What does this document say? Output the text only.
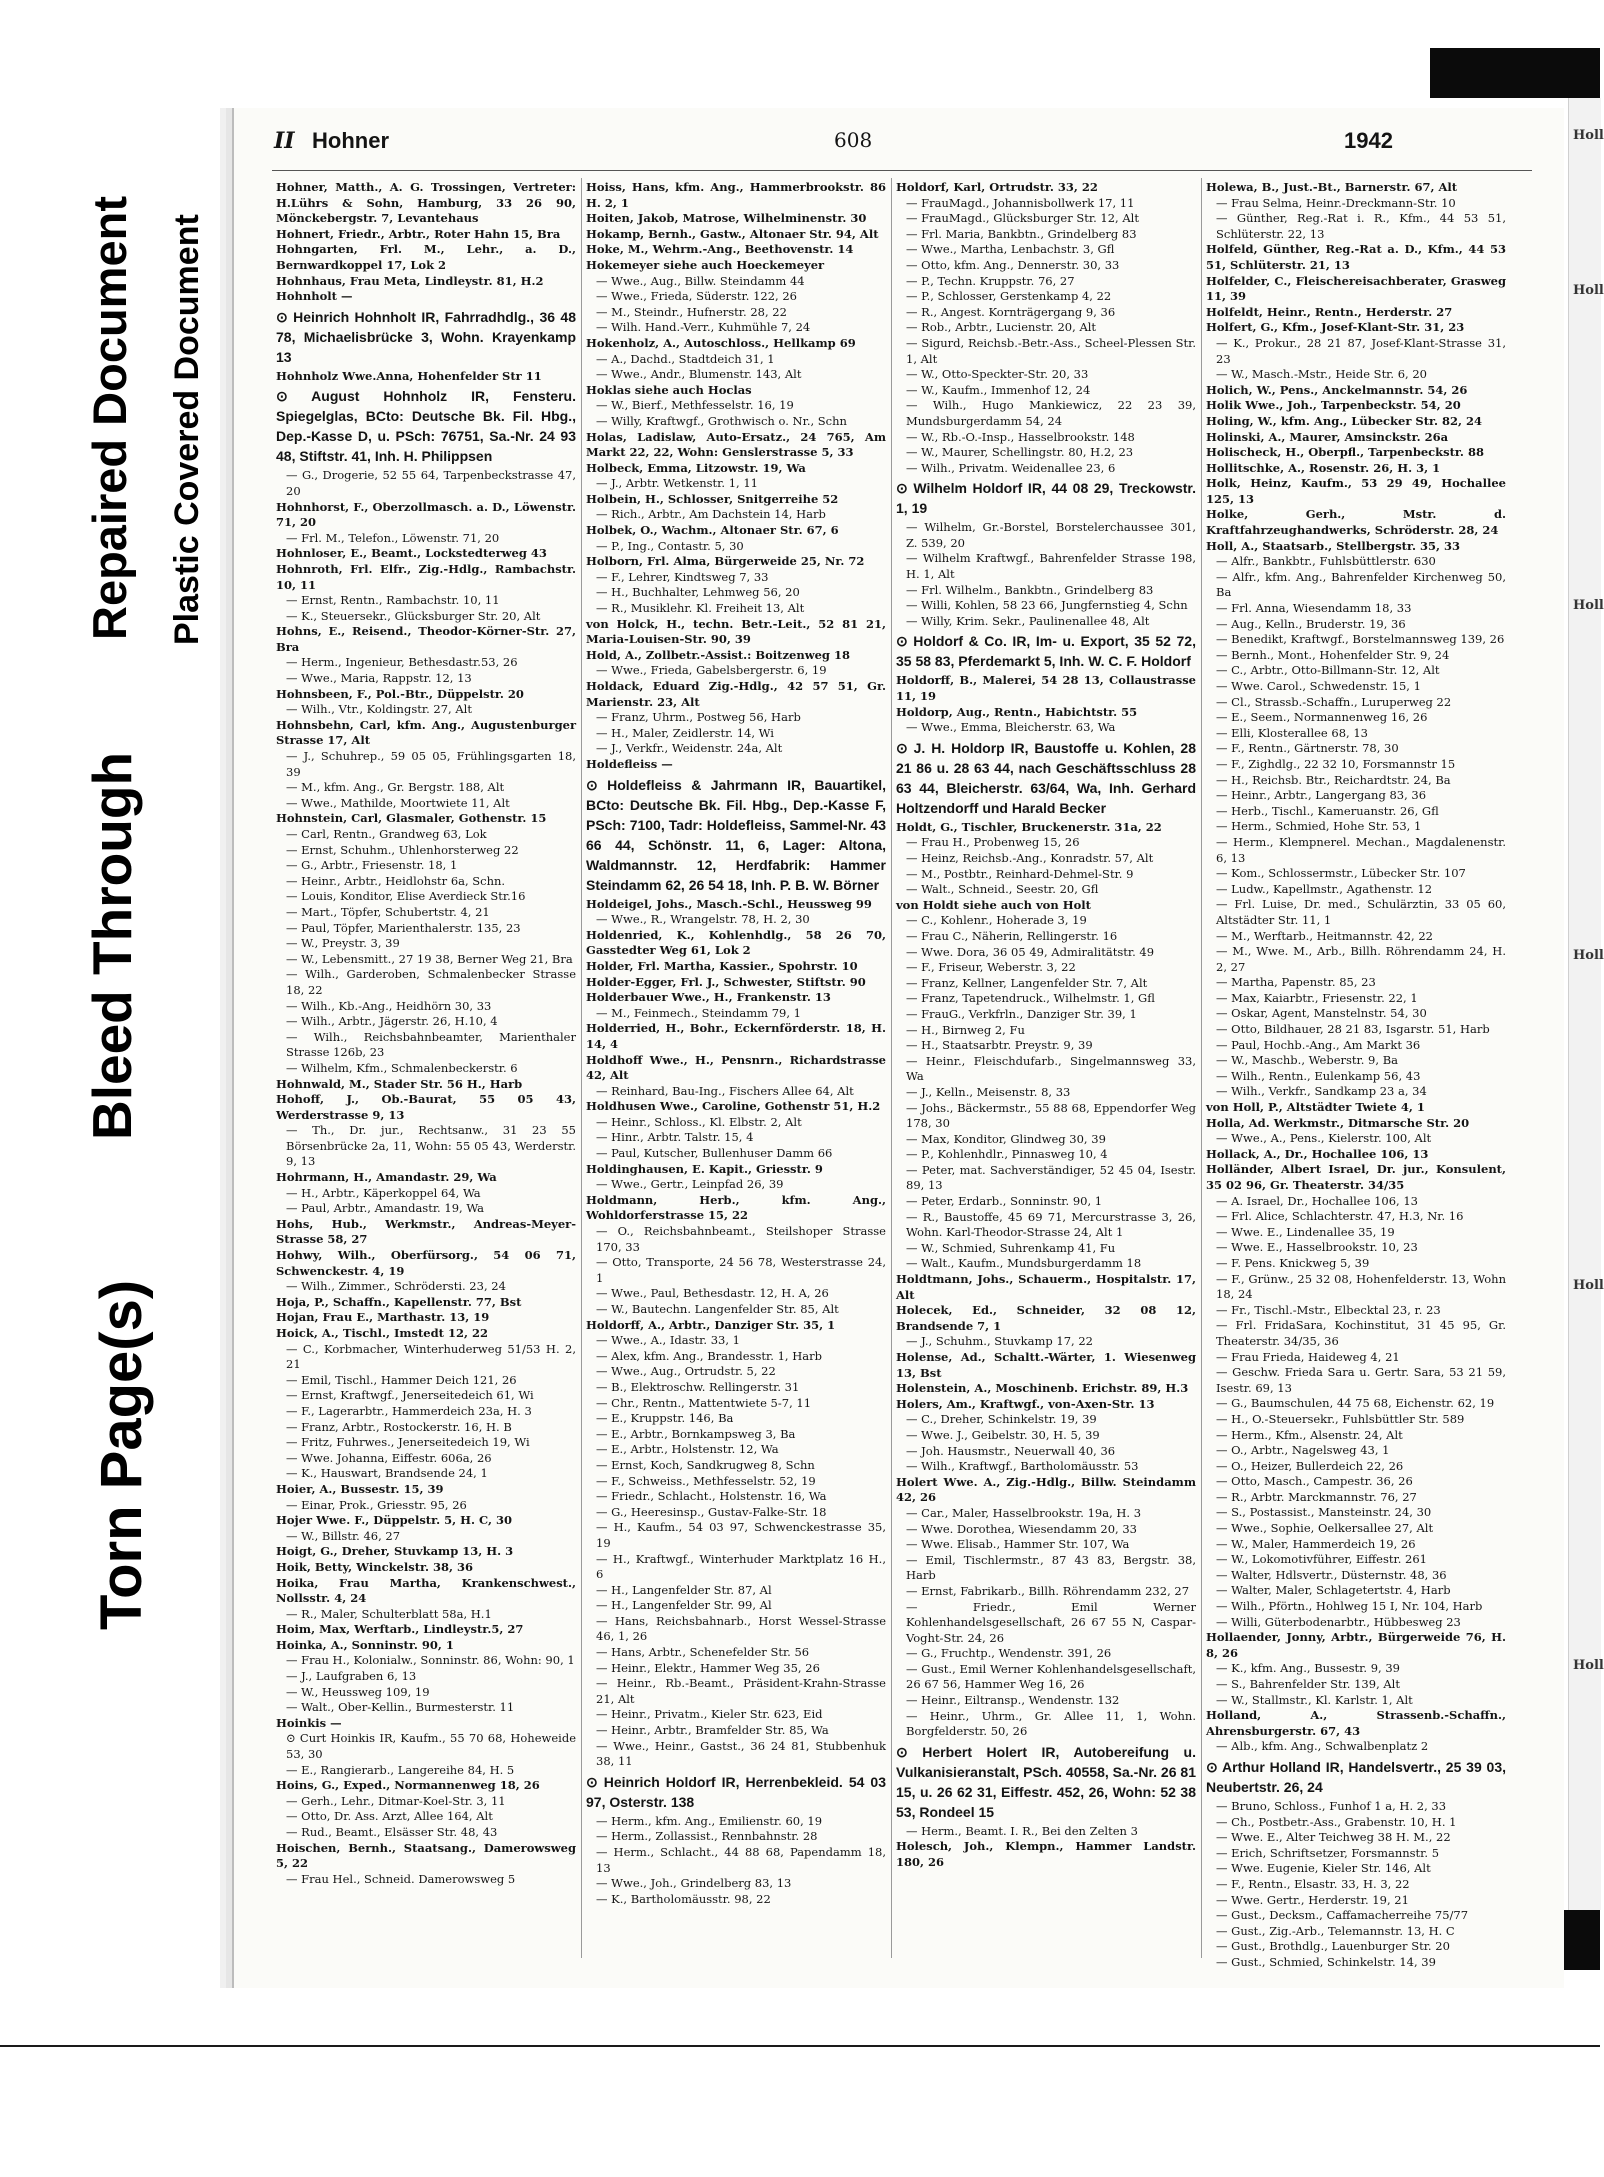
Torn Page(s)
Bleed Through
Repaired Document Plastic Covered Document
II Hohner	608	1942

Hohner, Matth., A. G. Trossingen, Vertreter: H.Lührs & Sohn, Hamburg, 33 26 90, Mönckebergstr. 7, Levantehaus

Hohnert, Friedr., Arbtr., Roter Hahn 15, Bra

Hohngarten, Frl. M., Lehr., a. D., Bernwardkoppel 17, Lok 2

Hohnhaus, Frau Meta, Lindleystr. 81, H.2

Hohnholt —

⊙ Heinrich Hohnholt IR, Fahrradhdlg., 36 48 78, Michaelisbrücke 3, Wohn. Krayenkamp 13

Hohnholz Wwe.Anna, Hohenfelder Str 11

⊙ August Hohnholz IR, Fensteru. Spiegelglas, BCto: Deutsche Bk. Fil. Hbg., Dep.-Kasse D, u. PSch: 76751, Sa.-Nr. 24 93 48, Stiftstr. 41, Inh. H. Philippsen

— G., Drogerie, 52 55 64, Tarpenbeckstrasse 47, 20

Hohnhorst, F., Oberzollmasch. a. D., Löwenstr. 71, 20

— Frl. M., Telefon., Löwenstr. 71, 20

Hohnloser, E., Beamt., Lockstedterweg 43

Hohnroth, Frl. Elfr., Zig.-Hdlg., Rambachstr. 10, 11

— Ernst, Rentn., Rambachstr. 10, 11

— K., Steuersekr., Glücksburger Str. 20, Alt

Hohns, E., Reisend., Theodor-Körner-Str. 27, Bra

— Herm., Ingenieur, Bethesdastr.53, 26

— Wwe., Maria, Rappstr. 12, 13

Hohnsbeen, F., Pol.-Btr., Düppelstr. 20

— Wilh., Vtr., Koldingstr. 27, Alt

Hohnsbehn, Carl, kfm. Ang., Augustenburger Strasse 17, Alt

— J., Schuhrep., 59 05 05, Frühlingsgarten 18, 39

— M., kfm. Ang., Gr. Bergstr. 188, Alt

— Wwe., Mathilde, Moortwiete 11, Alt

Hohnstein, Carl, Glasmaler, Gothenstr. 15

— Carl, Rentn., Grandweg 63, Lok

— Ernst, Schuhm., Uhlenhorsterweg 22

— G., Arbtr., Friesenstr. 18, 1

— Heinr., Arbtr., Heidlohstr 6a, Schn.

— Louis, Konditor, Elise Averdieck Str.16

— Mart., Töpfer, Schubertstr. 4, 21

— Paul, Töpfer, Marienthalerstr. 135, 23

— W., Preystr. 3, 39

— W., Lebensmitt., 27 19 38, Berner Weg 21, Bra

— Wilh., Garderoben, Schmalenbecker Strasse 18, 22

— Wilh., Kb.-Ang., Heidhörn 30, 33

— Wilh., Arbtr., Jägerstr. 26, H.10, 4

— Wilh., Reichsbahnbeamter, Marienthaler Strasse 126b, 23

— Wilhelm, Kfm., Schmalenbeckerstr. 6

Hohnwald, M., Stader Str. 56 H., Harb

Hohoff, J., Ob.-Baurat, 55 05 43, Werderstrasse 9, 13

— Th., Dr. jur., Rechtsanw., 31 23 55 Börsenbrücke 2a, 11, Wohn: 55 05 43, Werderstr. 9, 13

Hohrmann, H., Amandastr. 29, Wa

— H., Arbtr., Käperkoppel 64, Wa

— Paul, Arbtr., Amandastr. 19, Wa

Hohs, Hub., Werkmstr., Andreas-Meyer-Strasse 58, 27

Hohwy, Wilh., Oberfürsorg., 54 06 71, Schwenckestr. 4, 19

— Wilh., Zimmer., Schrödersti. 23, 24

Hoja, P., Schaffn., Kapellenstr. 77, Bst

Hojan, Frau E., Marthastr. 13, 19

Hoick, A., Tischl., Imstedt 12, 22

— C., Korbmacher, Winterhuderweg 51/53 H. 2, 21

— Emil, Tischl., Hammer Deich 121, 26

— Ernst, Kraftwgf., Jenerseitedeich 61, Wi

— F., Lagerarbtr., Hammerdeich 23a, H. 3

— Franz, Arbtr., Rostockerstr. 16, H. B

— Fritz, Fuhrwes., Jenerseitedeich 19, Wi

— Wwe. Johanna, Eiffestr. 606a, 26

— K., Hauswart, Brandsende 24, 1

Hoier, A., Bussestr. 15, 39

— Einar, Prok., Griesstr. 95, 26

Hojer Wwe. F., Düppelstr. 5, H. C, 30

— W., Billstr. 46, 27

Hoigt, G., Dreher, Stuvkamp 13, H. 3

Hoik, Betty, Winckelstr. 38, 36

Hoika, Frau Martha, Krankenschwest., Nollsstr. 4, 24

— R., Maler, Schulterblatt 58a, H.1

Hoim, Max, Werftarb., Lindleystr.5, 27

Hoinka, A., Sonninstr. 90, 1

— Frau H., Kolonialw., Sonninstr. 86, Wohn: 90, 1

— J., Laufgraben 6, 13

— W., Heussweg 109, 19

— Walt., Ober-Kellin., Burmesterstr. 11

Hoinkis —

⊙ Curt Hoinkis IR, Kaufm., 55 70 68, Hoheweide 53, 30

— E., Rangierarb., Langereihe 84, H. 5

Hoins, G., Exped., Normannenweg 18, 26

— Gerh., Lehr., Ditmar-Koel-Str. 3, 11

— Otto, Dr. Ass. Arzt, Allee 164, Alt

— Rud., Beamt., Elsässer Str. 48, 43

Hoischen, Bernh., Staatsang., Damerowsweg 5, 22

— Frau Hel., Schneid. Damerowsweg 5

Hoiss, Hans, kfm. Ang., Hammerbrookstr. 86 H. 2, 1

Hoiten, Jakob, Matrose, Wilhelminenstr. 30

Hokamp, Bernh., Gastw., Altonaer Str. 94, Alt

Hoke, M., Wehrm.-Ang., Beethovenstr. 14

Hokemeyer siehe auch Hoeckemeyer

— Wwe., Aug., Billw. Steindamm 44

— Wwe., Frieda, Süderstr. 122, 26

— M., Steindr., Hufnerstr. 28, 22

— Wilh. Hand.-Verr., Kuhmühle 7, 24

Hokenholz, A., Autoschloss., Hellkamp 69

— A., Dachd., Stadtdeich 31, 1

— Wwe., Andr., Blumenstr. 143, Alt

Hoklas siehe auch Hoclas

— W., Bierf., Methfesselstr. 16, 19

— Willy, Kraftwgf., Grothwisch o. Nr., Schn

Holas, Ladislaw, Auto-Ersatz., 24 765, Am Markt 22, 22, Wohn: Genslerstrasse 5, 33

Holbeck, Emma, Litzowstr. 19, Wa

— J., Arbtr. Wetkenstr. 1, 11

Holbein, H., Schlosser, Snitgerreihe 52

— Rich., Arbtr., Am Dachstein 14, Harb

Holbek, O., Wachm., Altonaer Str. 67, 6

— P., Ing., Contastr. 5, 30

Holborn, Frl. Alma, Bürgerweide 25, Nr. 72

— F., Lehrer, Kindtsweg 7, 33

— H., Buchhalter, Lehmweg 56, 20

— R., Musiklehr. Kl. Freiheit 13, Alt

von Holck, H., techn. Betr.-Leit., 52 81 21, Maria-Louisen-Str. 90, 39

Hold, A., Zollbetr.-Assist.: Boitzenweg 18

— Wwe., Frieda, Gabelsbergerstr. 6, 19

Holdack, Eduard Zig.-Hdlg., 42 57 51, Gr. Marienstr. 23, Alt

— Franz, Uhrm., Postweg 56, Harb

— H., Maler, Zeidlerstr. 14, Wi

— J., Verkfr., Weidenstr. 24a, Alt

Holdefleiss —

⊙ Holdefleiss & Jahrmann IR, Bauartikel, BCto: Deutsche Bk. Fil. Hbg., Dep.-Kasse F, PSch: 7100, Tadr: Holdefleiss, Sammel-Nr. 43 66 44, Schönstr. 11, 6, Lager: Altona, Waldmannstr. 12, Herdfabrik: Hammer Steindamm 62, 26 54 18, Inh. P. B. W. Börner

Holdeigel, Johs., Masch.-Schl., Heussweg 99

— Wwe., R., Wrangelstr. 78, H. 2, 30

Holdenried, K., Kohlenhdlg., 58 26 70, Gasstedter Weg 61, Lok 2

Holder, Frl. Martha, Kassier., Spohrstr. 10

Holder-Egger, Frl. J., Schwester, Stiftstr. 90

Holderbauer Wwe., H., Frankenstr. 13

— M., Feinmech., Steindamm 79, 1

Holderried, H., Bohr., Eckernförderstr. 18, H. 14, 4

Holdhoff Wwe., H., Pensnrn., Richardstrasse 42, Alt

— Reinhard, Bau-Ing., Fischers Allee 64, Alt

Holdhusen Wwe., Caroline, Gothenstr 51, H.2

— Heinr., Schloss., Kl. Elbstr. 2, Alt

— Hinr., Arbtr. Talstr. 15, 4

— Paul, Kutscher, Bullenhuser Damm 66

Holdinghausen, E. Kapit., Griesstr. 9

— Wwe., Gertr., Leinpfad 26, 39

Holdmann, Herb., kfm. Ang., Wohldorferstrasse 15, 22

— O., Reichsbahnbeamt., Steilshoper Strasse 170, 33

— Otto, Transporte, 24 56 78, Westerstrasse 24, 1

— Wwe., Paul, Bethesdastr. 12, H. A, 26

— W., Bautechn. Langenfelder Str. 85, Alt

Holdorff, A., Arbtr., Danziger Str. 35, 1

— Wwe., A., Idastr. 33, 1

— Alex, kfm. Ang., Brandesstr. 1, Harb

— Wwe., Aug., Ortrudstr. 5, 22

— B., Elektroschw. Rellingerstr. 31

— Chr., Rentn., Mattentwiete 5-7, 11

— E., Kruppstr. 146, Ba

— E., Arbtr., Bornkampsweg 3, Ba

— E., Arbtr., Holstenstr. 12, Wa

— Ernst, Koch, Sandkrugweg 8, Schn

— F., Schweiss., Methfesselstr. 52, 19

— Friedr., Schlacht., Holstenstr. 16, Wa

— G., Heeresinsp., Gustav-Falke-Str. 18

— H., Kaufm., 54 03 97, Schwenckestrasse 35, 19

— H., Kraftwgf., Winterhuder Marktplatz 16 H., 6

— H., Langenfelder Str. 87, Al

— H., Langenfelder Str. 99, Al

— Hans, Reichsbahnarb., Horst Wessel-Strasse 46, 1, 26

— Hans, Arbtr., Schenefelder Str. 56

— Heinr., Elektr., Hammer Weg 35, 26

— Heinr., Rb.-Beamt., Präsident-Krahn-Strasse 21, Alt

— Heinr., Privatm., Kieler Str. 623, Eid

— Heinr., Arbtr., Bramfelder Str. 85, Wa

— Wwe., Heinr., Gastst., 36 24 81, Stubbenhuk 38, 11

⊙ Heinrich Holdorf IR, Herrenbekleid. 54 03 97, Osterstr. 138

— Herm., kfm. Ang., Emilienstr. 60, 19

— Herm., Zollassist., Rennbahnstr. 28

— Herm., Schlacht., 44 88 68, Papendamm 18, 13

— Wwe., Joh., Grindelberg 83, 13

— K., Bartholomäusstr. 98, 22

Holdorf, Karl, Ortrudstr. 33, 22

— FrauMagd., Johannisbollwerk 17, 11

— FrauMagd., Glücksburger Str. 12, Alt

— Frl. Maria, Bankbtn., Grindelberg 83

— Wwe., Martha, Lenbachstr. 3, Gfl

— Otto, kfm. Ang., Dennerstr. 30, 33

— P., Techn. Kruppstr. 76, 27

— P., Schlosser, Gerstenkamp 4, 22

— R., Angest. Kornträgergang 9, 36

— Rob., Arbtr., Lucienstr. 20, Alt

— Sigurd, Reichsb.-Betr.-Ass., Scheel-Plessen Str. 1, Alt

— W., Otto-Speckter-Str. 20, 33

— W., Kaufm., Immenhof 12, 24

— Wilh., Hugo Mankiewicz, 22 23 39, Mundsburgerdamm 54, 24

— W., Rb.-O.-Insp., Hasselbrookstr. 148

— W., Maurer, Schellingstr. 80, H.2, 23

— Wilh., Privatm. Weidenallee 23, 6

⊙ Wilhelm Holdorf IR, 44 08 29, Treckowstr. 1, 19

— Wilhelm, Gr.-Borstel, Borstelerchaussee 301, Z. 539, 20

— Wilhelm Kraftwgf., Bahrenfelder Strasse 198, H. 1, Alt

— Frl. Wilhelm., Bankbtn., Grindelberg 83

— Willi, Kohlen, 58 23 66, Jungfernstieg 4, Schn

— Willy, Krim. Sekr., Paulinenallee 48, Alt

⊙ Holdorf & Co. IR, Im- u. Export, 35 52 72, 35 58 83, Pferdemarkt 5, Inh. W. C. F. Holdorf

Holdorff, B., Malerei, 54 28 13, Collaustrasse 11, 19

Holdorp, Aug., Rentn., Habichtstr. 55

— Wwe., Emma, Bleicherstr. 63, Wa

⊙ J. H. Holdorp IR, Baustoffe u. Kohlen, 28 21 86 u. 28 63 44, nach Geschäftsschluss 28 63 44, Bleicherstr. 63/64, Wa, Inh. Gerhard Holtzendorff und Harald Becker

Holdt, G., Tischler, Bruckenerstr. 31a, 22

— Frau H., Probenweg 15, 26

— Heinz, Reichsb.-Ang., Konradstr. 57, Alt

— M., Postbtr., Reinhard-Dehmel-Str. 9

— Walt., Schneid., Seestr. 20, Gfl

von Holdt siehe auch von Holt

— C., Kohlenr., Hoherade 3, 19

— Frau C., Näherin, Rellingerstr. 16

— Wwe. Dora, 36 05 49, Admiralitätstr. 49

— F., Friseur, Weberstr. 3, 22

— Franz, Kellner, Langenfelder Str. 7, Alt

— Franz, Tapetendruck., Wilhelmstr. 1, Gfl

— FrauG., Verkfrln., Danziger Str. 39, 1

— H., Birnweg 2, Fu

— H., Staatsarbtr. Preystr. 9, 39

— Heinr., Fleischdufarb., Singelmannsweg 33, Wa

— J., Kelln., Meisenstr. 8, 33

— Johs., Bäckermstr., 55 88 68, Eppendorfer Weg 178, 30

— Max, Konditor, Glindweg 30, 39

— P., Kohlenhdlr., Pinnasweg 10, 4

— Peter, mat. Sachverständiger, 52 45 04, Isestr. 89, 13

— Peter, Erdarb., Sonninstr. 90, 1

— R., Baustoffe, 45 69 71, Mercurstrasse 3, 26, Wohn. Karl-Theodor-Strasse 24, Alt 1

— W., Schmied, Suhrenkamp 41, Fu

— Walt., Kaufm., Mundsburgerdamm 18

Holdtmann, Johs., Schauerm., Hospitalstr. 17, Alt

Holecek, Ed., Schneider, 32 08 12, Brandsende 7, 1

— J., Schuhm., Stuvkamp 17, 22

Holense, Ad., Schaltt.-Wärter, 1. Wiesenweg 13, Bst

Holenstein, A., Moschinenb. Erichstr. 89, H.3

Holers, Am., Kraftwgf., von-Axen-Str. 13

— C., Dreher, Schinkelstr. 19, 39

— Wwe. J., Geibelstr. 30, H. 5, 39

— Joh. Hausmstr., Neuerwall 40, 36

— Wilh., Kraftwgf., Bartholomäusstr. 53

Holert Wwe. A., Zig.-Hdlg., Billw. Steindamm 42, 26

— Car., Maler, Hasselbrookstr. 19a, H. 3

— Wwe. Dorothea, Wiesendamm 20, 33

— Wwe. Elisab., Hammer Str. 107, Wa

— Emil, Tischlermstr., 87 43 83, Bergstr. 38, Harb

— Ernst, Fabrikarb., Billh. Röhrendamm 232, 27

— Friedr., Emil Werner Kohlenhandelsgesellschaft, 26 67 55 N, Caspar-Voght-Str. 24, 26

— G., Fruchtp., Wendenstr. 391, 26

— Gust., Emil Werner Kohlenhandelsgesellschaft, 26 67 56, Hammer Weg 16, 26

— Heinr., Eiltransp., Wendenstr. 132

— Heinr., Uhrm., Gr. Allee 11, 1, Wohn. Borgfelderstr. 50, 26

⊙ Herbert Holert IR, Autobereifung u. Vulkanisieranstalt, PSch. 40558, Sa.-Nr. 26 81 15, u. 26 62 31, Eiffestr. 452, 26, Wohn: 52 38 53, Rondeel 15

— Herm., Beamt. I. R., Bei den Zelten 3

Holesch, Joh., Klempn., Hammer Landstr. 180, 26

Holewa, B., Just.-Bt., Barnerstr. 67, Alt

— Frau Selma, Heinr.-Dreckmann-Str. 10

— Günther, Reg.-Rat i. R., Kfm., 44 53 51, Schlüterstr. 22, 13

Holfeld, Günther, Reg.-Rat a. D., Kfm., 44 53 51, Schlüterstr. 21, 13

Holfelder, C., Fleischereisachberater, Grasweg 11, 39

Holfeldt, Heinr., Rentn., Herderstr. 27

Holfert, G., Kfm., Josef-Klant-Str. 31, 23

— K., Prokur., 28 21 87, Josef-Klant-Strasse 31, 23

— W., Masch.-Mstr., Heide Str. 6, 20

Holich, W., Pens., Anckelmannstr. 54, 26

Holik Wwe., Joh., Tarpenbeckstr. 54, 20

Holing, W., kfm. Ang., Lübecker Str. 82, 24

Holinski, A., Maurer, Amsinckstr. 26a

Holischeck, H., Oberpfl., Tarpenbeckstr. 88

Hollitschke, A., Rosenstr. 26, H. 3, 1

Holk, Heinz, Kaufm., 53 29 49, Hochallee 125, 13

Holke, Gerh., Mstr. d. Kraftfahrzeughandwerks, Schröderstr. 28, 24

Holl, A., Staatsarb., Stellbergstr. 35, 33

— Alfr., Bankbtr., Fuhlsbüttlerstr. 630

— Alfr., kfm. Ang., Bahrenfelder Kirchenweg 50, Ba

— Frl. Anna, Wiesendamm 18, 33

— Aug., Kelln., Bruderstr. 19, 36

— Benedikt, Kraftwgf., Borstelmannsweg 139, 26

— Bernh., Mont., Hohenfelder Str. 9, 24

— C., Arbtr., Otto-Billmann-Str. 12, Alt

— Wwe. Carol., Schwedenstr. 15, 1

— Cl., Strassb.-Schaffn., Luruperweg 22

— E., Seem., Normannenweg 16, 26

— Elli, Klosterallee 68, 13

— F., Rentn., Gärtnerstr. 78, 30

— F., Zighdlg., 22 32 10, Forsmannstr 15

— H., Reichsb. Btr., Reichardtstr. 24, Ba

— Heinr., Arbtr., Langergang 83, 36

— Herb., Tischl., Kameruanstr. 26, Gfl

— Herm., Schmied, Hohe Str. 53, 1

— Herm., Klempnerel. Mechan., Magdalenenstr. 6, 13

— Kom., Schlossermstr., Lübecker Str. 107

— Ludw., Kapellmstr., Agathenstr. 12

— Frl. Luise, Dr. med., Schulärztin, 33 05 60, Altstädter Str. 11, 1

— M., Werftarb., Heitmannstr. 42, 22

— M., Wwe. M., Arb., Billh. Röhrendamm 24, H. 2, 27

— Martha, Papenstr. 85, 23

— Max, Kaiarbtr., Friesenstr. 22, 1

— Oskar, Agent, Manstelnstr. 54, 30

— Otto, Bildhauer, 28 21 83, Isgarstr. 51, Harb

— Paul, Hochb.-Ang., Am Markt 36

— W., Maschb., Weberstr. 9, Ba

— Wilh., Rentn., Eulenkamp 56, 43

— Wilh., Verkfr., Sandkamp 23 a, 34

von Holl, P., Altstädter Twiete 4, 1

Holla, Ad. Werkmstr., Ditmarsche Str. 20

— Wwe., A., Pens., Kielerstr. 100, Alt

Hollack, A., Dr., Hochallee 106, 13

Holländer, Albert Israel, Dr. jur., Konsulent, 35 02 96, Gr. Theaterstr. 34/35

— A. Israel, Dr., Hochallee 106, 13

— Frl. Alice, Schlachterstr. 47, H.3, Nr. 16

— Wwe. E., Lindenallee 35, 19

— Wwe. E., Hasselbrookstr. 10, 23

— F. Pens. Knickweg 5, 39

— F., Grünw., 25 32 08, Hohenfelderstr. 13, Wohn 18, 24

— Fr., Tischl.-Mstr., Elbecktal 23, r. 23

— Frl. FridaSara, Kochinstitut, 31 45 95, Gr. Theaterstr. 34/35, 36

— Frau Frieda, Haideweg 4, 21

— Geschw. Frieda Sara u. Gertr. Sara, 53 21 59, Isestr. 69, 13

— G., Baumschulen, 44 75 68, Eichenstr. 62, 19

— H., O.-Steuersekr., Fuhlsbüttler Str. 589

— Herm., Kfm., Alsenstr. 24, Alt

— O., Arbtr., Nagelsweg 43, 1

— O., Heizer, Bullerdeich 22, 26

— Otto, Masch., Campestr. 36, 26

— R., Arbtr. Marckmannstr. 76, 27

— S., Postassist., Mansteinstr. 24, 30

— Wwe., Sophie, Oelkersallee 27, Alt

— W., Maler, Hammerdeich 19, 26

— W., Lokomotivführer, Eiffestr. 261

— Walter, Hdlsvertr., Düsternstr. 48, 36

— Walter, Maler, Schlagetertstr. 4, Harb

— Wilh., Pförtn., Hohlweg 15 I, Nr. 104, Harb

— Willi, Güterbodenarbtr., Hübbesweg 23

Hollaender, Jonny, Arbtr., Bürgerweide 76, H. 8, 26

— K., kfm. Ang., Bussestr. 9, 39

— S., Bahrenfelder Str. 139, Alt

— W., Stallmstr., Kl. Karlstr. 1, Alt

Holland, A., Strassenb.-Schaffn., Ahrensburgerstr. 67, 43

— Alb., kfm. Ang., Schwalbenplatz 2

⊙ Arthur Holland IR, Handelsvertr., 25 39 03, Neubertstr. 26, 24

— Bruno, Schloss., Funhof 1 a, H. 2, 33

— Ch., Postbetr.-Ass., Grabenstr. 10, H. 1

— Wwe. E., Alter Teichweg 38 H. M., 22

— Erich, Schriftsetzer, Forsmannstr. 5

— Wwe. Eugenie, Kieler Str. 146, Alt

— F., Rentn., Elsastr. 33, H. 3, 22

— Wwe. Gertr., Herderstr. 19, 21

— Gust., Decksm., Caffamacherreihe 75/77

— Gust., Zig.-Arb., Telemannstr. 13, H. C

— Gust., Brothdlg., Lauenburger Str. 20

— Gust., Schmied, Schinkelstr. 14, 39

Holl
Holl
Holl
Holl
Holl
Holl
